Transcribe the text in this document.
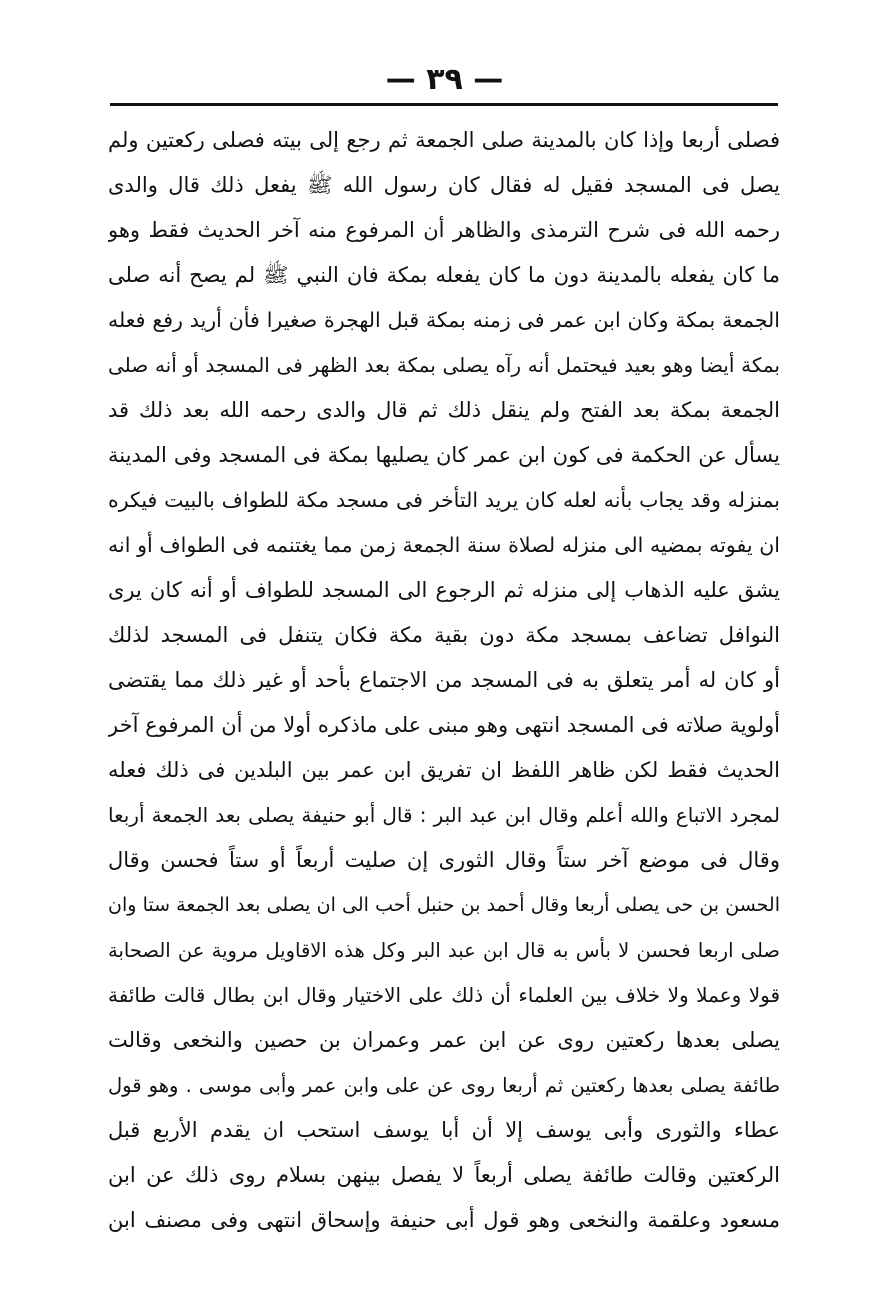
— ٣٩ —
فصلى أربعا وإذا كان بالمدينة صلى الجمعة ثم رجع إلى بيته فصلى ركعتين ولم
يصل فى المسجد فقيل له فقال كان رسول الله ﷺ يفعل ذلك قال والدى
رحمه الله فى شرح الترمذى والظاهر أن المرفوع منه آخر الحديث فقط وهو
ما كان يفعله بالمدينة دون ما كان يفعله بمكة فان النبي ﷺ لم يصح أنه صلى
الجمعة بمكة وكان ابن عمر فى زمنه بمكة قبل الهجرة صغيرا فأن أريد رفع فعله
بمكة أيضا وهو بعيد فيحتمل أنه رآه يصلى بمكة بعد الظهر فى المسجد أو أنه صلى
الجمعة بمكة بعد الفتح ولم ينقل ذلك ثم قال والدى رحمه الله بعد ذلك قد
يسأل عن الحكمة فى كون ابن عمر كان يصليها بمكة فى المسجد وفى المدينة
بمنزله وقد يجاب بأنه لعله كان يريد التأخر فى مسجد مكة للطواف بالبيت فيكره
ان يفوته بمضيه الى منزله لصلاة سنة الجمعة زمن مما يغتنمه فى الطواف أو انه
يشق عليه الذهاب إلى منزله ثم الرجوع الى المسجد للطواف أو أنه كان يرى
النوافل تضاعف بمسجد مكة دون بقية مكة فكان يتنفل فى المسجد لذلك
أو كان له أمر يتعلق به فى المسجد من الاجتماع بأحد أو غير ذلك مما يقتضى
أولوية صلاته فى المسجد انتهى وهو مبنى على ماذكره أولا من أن المرفوع آخر
الحديث فقط لكن ظاهر اللفظ ان تفريق ابن عمر بين البلدين فى ذلك فعله
لمجرد الاتباع والله أعلم وقال ابن عبد البر : قال أبو حنيفة يصلى بعد الجمعة أربعا
وقال فى موضع آخر ستاً وقال الثورى إن صليت أربعاً أو ستاً فحسن وقال
الحسن بن حى يصلى أربعا وقال أحمد بن حنبل أحب الى ان يصلى بعد الجمعة ستا وان
صلى اربعا فحسن لا بأس به قال ابن عبد البر وكل هذه الاقاويل مروية عن الصحابة
قولا وعملا ولا خلاف بين العلماء أن ذلك على الاختيار وقال ابن بطال قالت طائفة
يصلى بعدها ركعتين روى عن ابن عمر وعمران بن حصين والنخعى وقالت
طائفة يصلى بعدها ركعتين ثم أربعا روى عن على وابن عمر وأبى موسى . وهو قول
عطاء والثورى وأبى يوسف إلا أن أبا يوسف استحب ان يقدم الأربع قبل
الركعتين وقالت طائفة يصلى أربعاً لا يفصل بينهن بسلام روى ذلك عن ابن
مسعود وعلقمة والنخعى وهو قول أبى حنيفة وإسحاق انتهى وفى مصنف ابن
